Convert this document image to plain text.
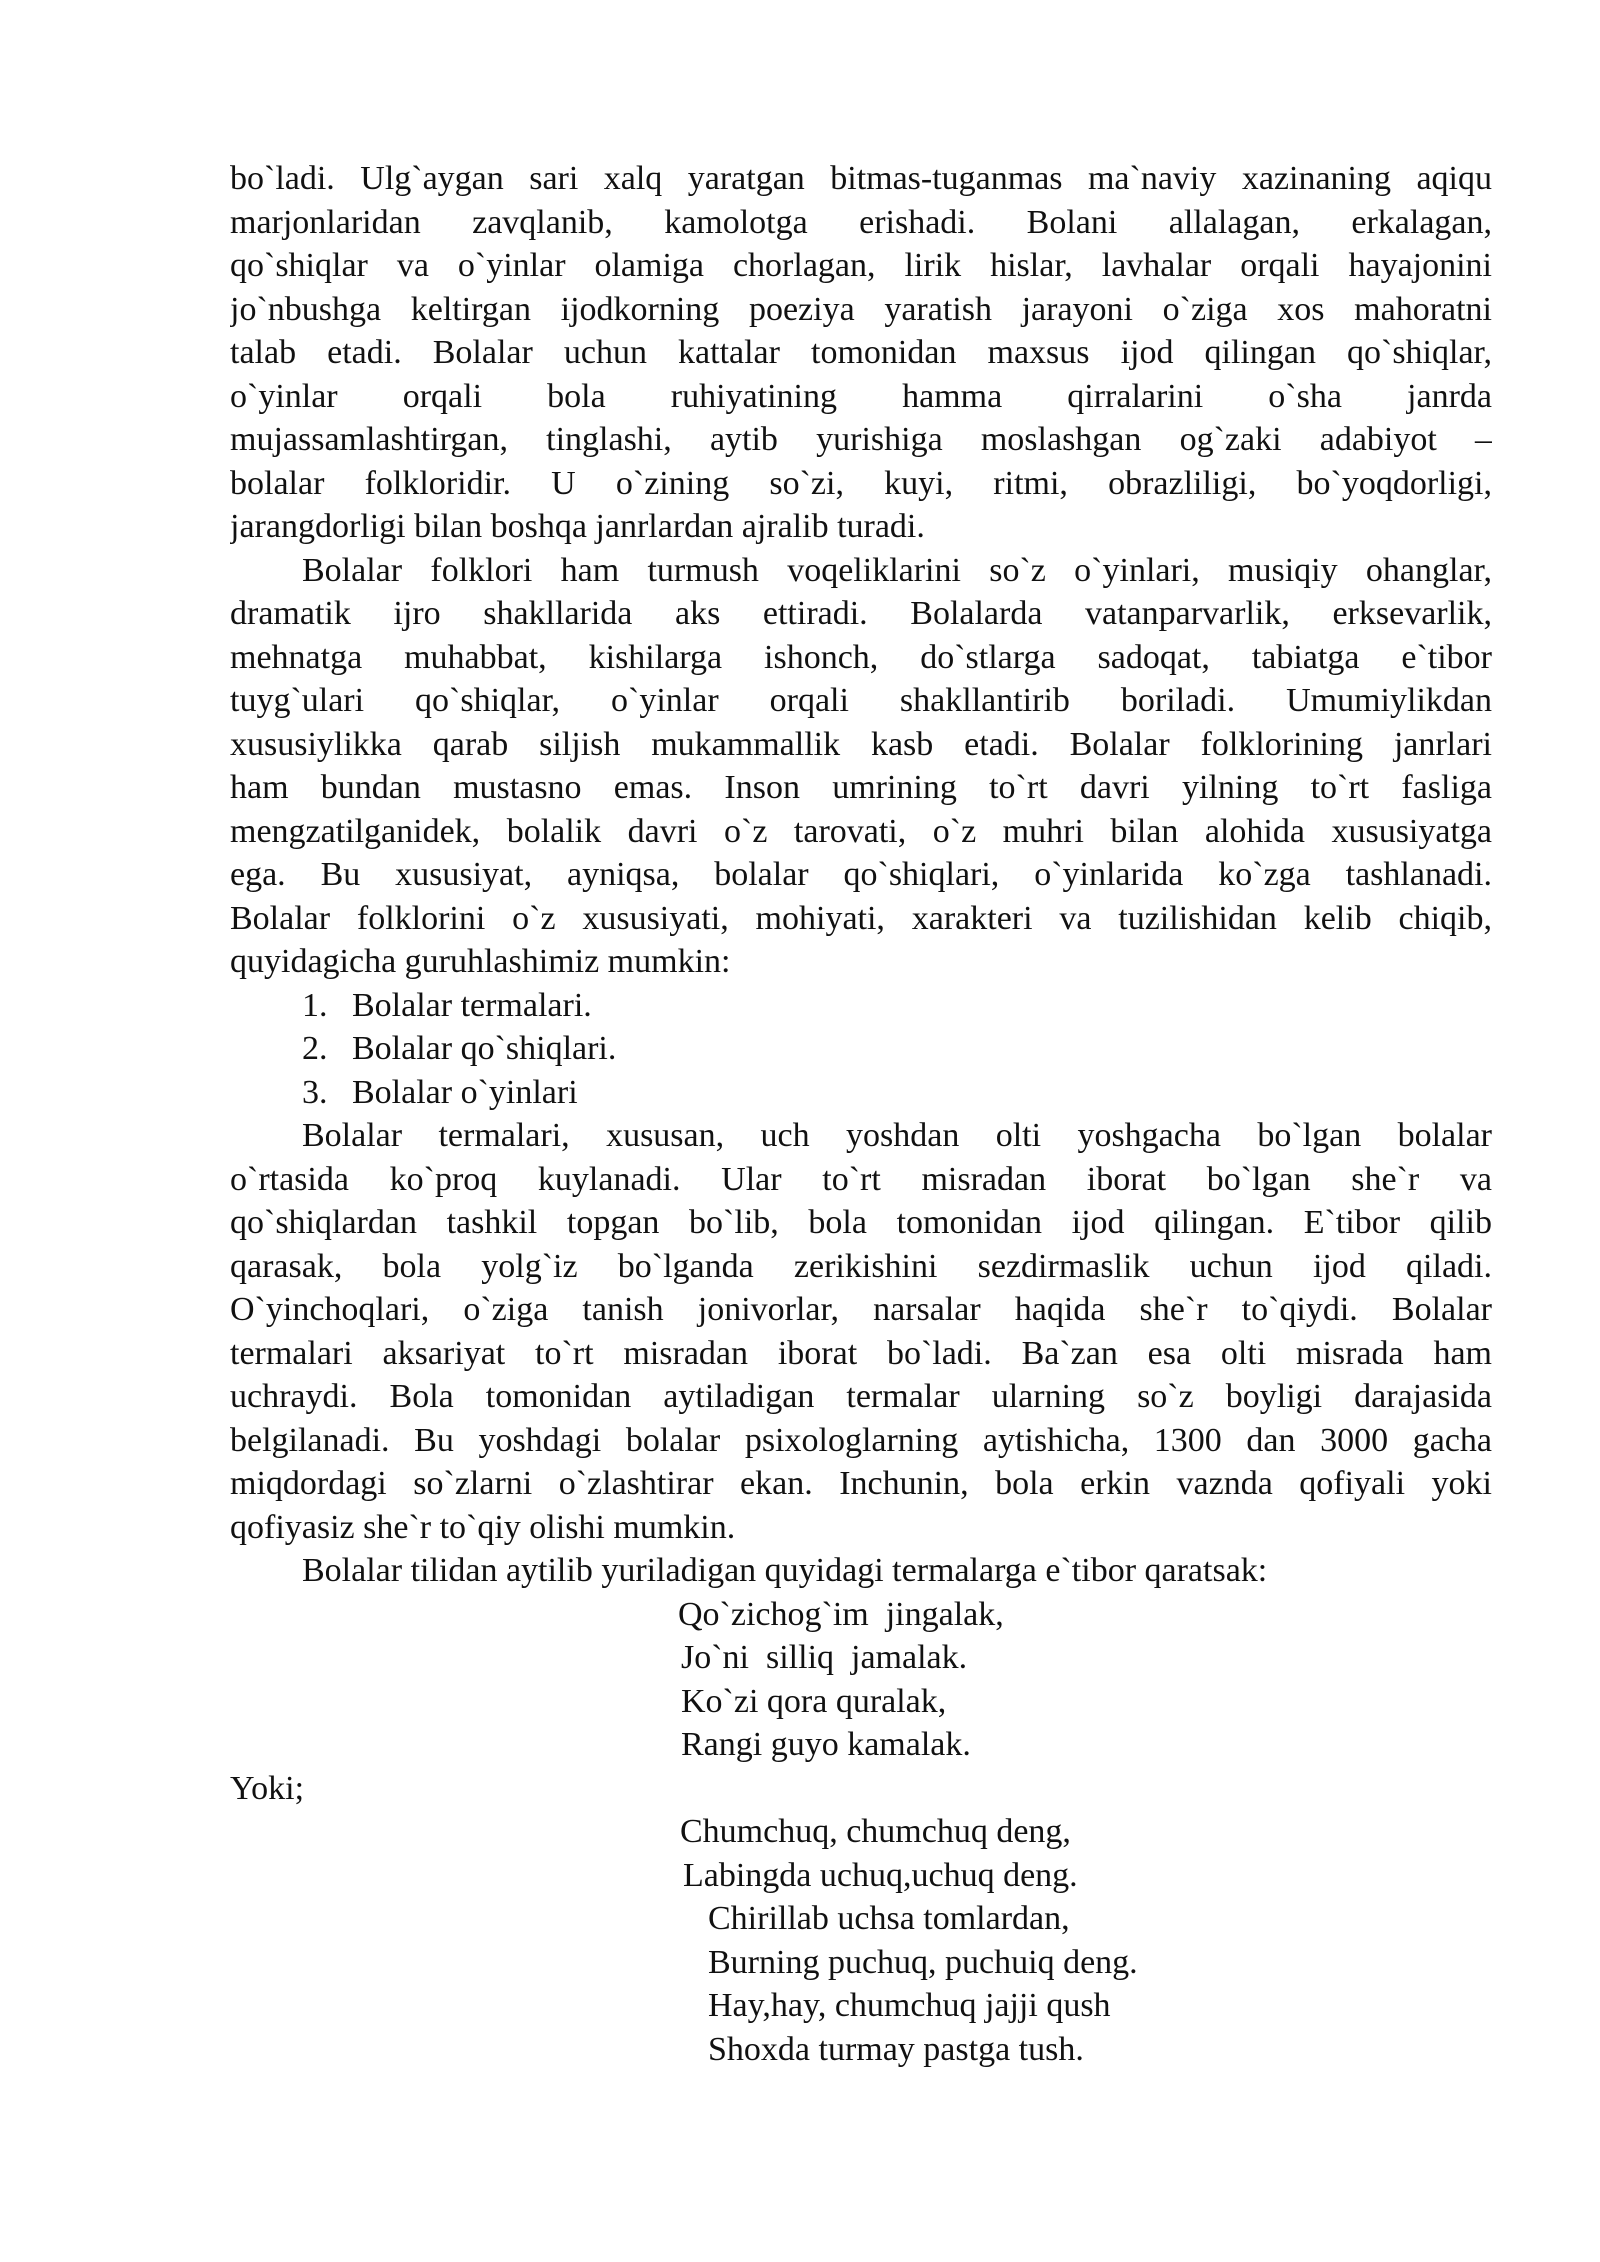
bo`ladi. Ulg`aygan sari xalq yaratgan bitmas-tuganmas ma`naviy xazinaning aqiqu
marjonlaridan zavqlanib, kamolotga erishadi. Bolani allalagan, erkalagan,
qo`shiqlar va o`yinlar olamiga chorlagan, lirik hislar, lavhalar orqali hayajonini
jo`nbushga keltirgan ijodkorning poeziya yaratish jarayoni o`ziga xos mahoratni
talab etadi. Bolalar uchun kattalar tomonidan maxsus ijod qilingan qo`shiqlar,
o`yinlar orqali bola ruhiyatining hamma qirralarini o`sha janrda
mujassamlashtirgan, tinglashi, aytib yurishiga moslashgan og`zaki adabiyot –
bolalar folkloridir. U o`zining so`zi, kuyi, ritmi, obrazliligi, bo`yoqdorligi,
jarangdorligi bilan boshqa janrlardan ajralib turadi.
Bolalar folklori ham turmush voqeliklarini so`z o`yinlari, musiqiy ohanglar,
dramatik ijro shakllarida aks ettiradi. Bolalarda vatanparvarlik, erksevarlik,
mehnatga muhabbat, kishilarga ishonch, do`stlarga sadoqat, tabiatga e`tibor
tuyg`ulari qo`shiqlar, o`yinlar orqali shakllantirib boriladi. Umumiylikdan
xususiylikka qarab siljish mukammallik kasb etadi. Bolalar folklorining janrlari
ham bundan mustasno emas. Inson umrining to`rt davri yilning to`rt fasliga
mengzatilganidek, bolalik davri o`z tarovati, o`z muhri bilan alohida xususiyatga
ega. Bu xususiyat, ayniqsa, bolalar qo`shiqlari, o`yinlarida ko`zga tashlanadi.
Bolalar folklorini o`z xususiyati, mohiyati, xarakteri va tuzilishidan kelib chiqib,
quyidagicha guruhlashimiz mumkin:
1. Bolalar termalari.
2. Bolalar qo`shiqlari.
3. Bolalar o`yinlari
Bolalar termalari, xususan, uch yoshdan olti yoshgacha bo`lgan bolalar
o`rtasida ko`proq kuylanadi. Ular to`rt misradan iborat bo`lgan she`r va
qo`shiqlardan tashkil topgan bo`lib, bola tomonidan ijod qilingan. E`tibor qilib
qarasak, bola yolg`iz bo`lganda zerikishini sezdirmaslik uchun ijod qiladi.
O`yinchoqlari, o`ziga tanish jonivorlar, narsalar haqida she`r to`qiydi. Bolalar
termalari aksariyat to`rt misradan iborat bo`ladi. Ba`zan esa olti misrada ham
uchraydi. Bola tomonidan aytiladigan termalar ularning so`z boyligi darajasida
belgilanadi. Bu yoshdagi bolalar psixologlarning aytishicha, 1300 dan 3000 gacha
miqdordagi so`zlarni o`zlashtirar ekan. Inchunin, bola erkin vaznda qofiyali yoki
qofiyasiz she`r to`qiy olishi mumkin.
Bolalar tilidan aytilib yuriladigan quyidagi termalarga e`tibor qaratsak:
Qo`zichog`im  jingalak,
Jo`ni  silliq  jamalak.
Ko`zi qora quralak,
Rangi guyo kamalak.
Yoki;
Chumchuq, chumchuq deng,
Labingda uchuq,uchuq deng.
Chirillab uchsa tomlardan,
Burning puchuq, puchuiq deng.
Hay,hay, chumchuq jajji qush
Shoxda turmay pastga tush.
